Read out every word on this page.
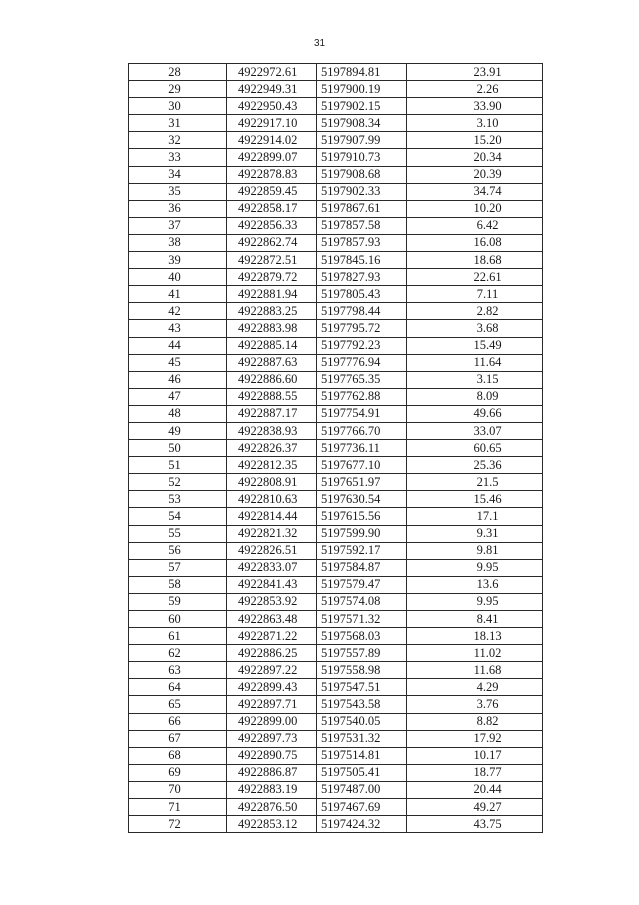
31
28	4922972.61	5197894.81	23.91
29	4922949.31	5197900.19	2.26
30	4922950.43	5197902.15	33.90
31	4922917.10	5197908.34	3.10
32	4922914.02	5197907.99	15.20
33	4922899.07	5197910.73	20.34
34	4922878.83	5197908.68	20.39
35	4922859.45	5197902.33	34.74
36	4922858.17	5197867.61	10.20
37	4922856.33	5197857.58	6.42
38	4922862.74	5197857.93	16.08
39	4922872.51	5197845.16	18.68
40	4922879.72	5197827.93	22.61
41	4922881.94	5197805.43	7.11
42	4922883.25	5197798.44	2.82
43	4922883.98	5197795.72	3.68
44	4922885.14	5197792.23	15.49
45	4922887.63	5197776.94	11.64
46	4922886.60	5197765.35	3.15
47	4922888.55	5197762.88	8.09
48	4922887.17	5197754.91	49.66
49	4922838.93	5197766.70	33.07
50	4922826.37	5197736.11	60.65
51	4922812.35	5197677.10	25.36
52	4922808.91	5197651.97	21.5
53	4922810.63	5197630.54	15.46
54	4922814.44	5197615.56	17.1
55	4922821.32	5197599.90	9.31
56	4922826.51	5197592.17	9.81
57	4922833.07	5197584.87	9.95
58	4922841.43	5197579.47	13.6
59	4922853.92	5197574.08	9.95
60	4922863.48	5197571.32	8.41
61	4922871.22	5197568.03	18.13
62	4922886.25	5197557.89	11.02
63	4922897.22	5197558.98	11.68
64	4922899.43	5197547.51	4.29
65	4922897.71	5197543.58	3.76
66	4922899.00	5197540.05	8.82
67	4922897.73	5197531.32	17.92
68	4922890.75	5197514.81	10.17
69	4922886.87	5197505.41	18.77
70	4922883.19	5197487.00	20.44
71	4922876.50	5197467.69	49.27
72	4922853.12	5197424.32	43.75
